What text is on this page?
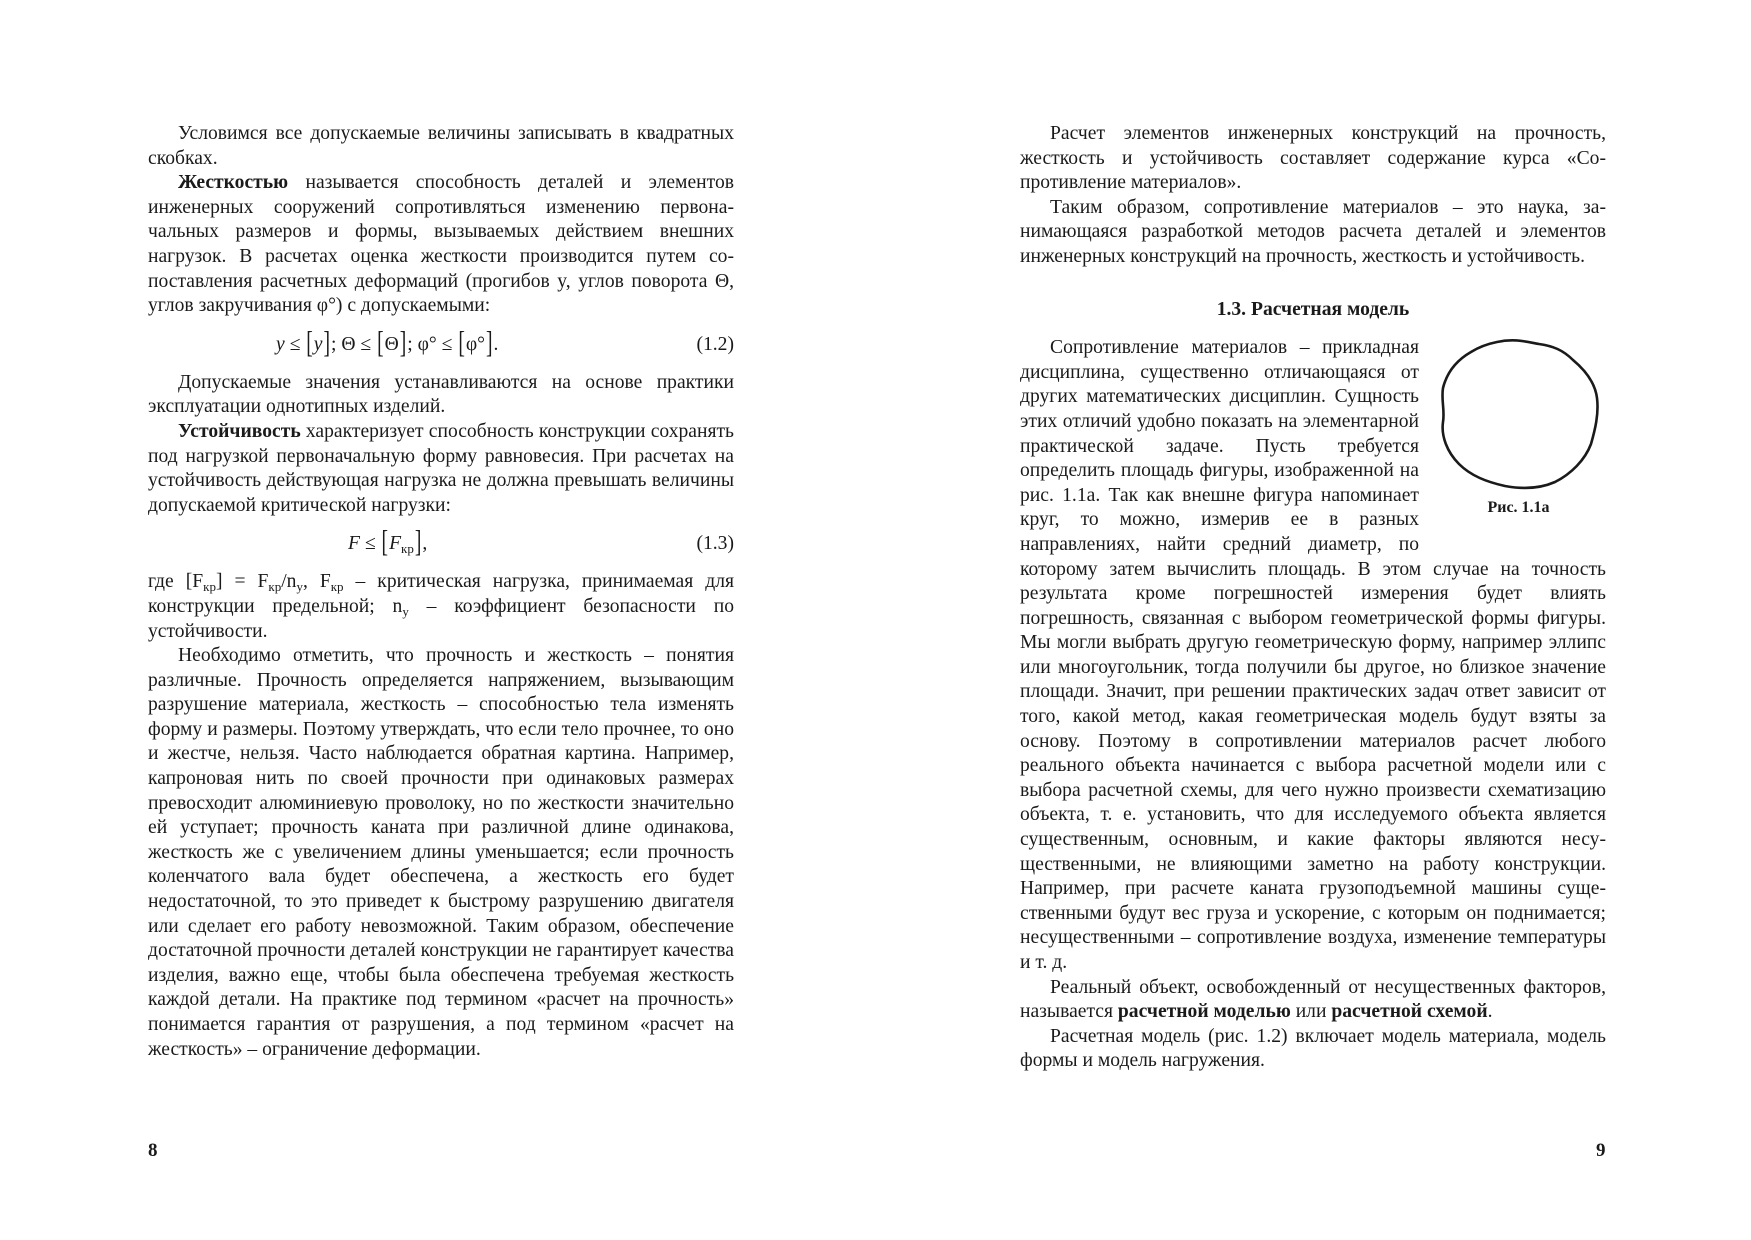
Условимся все допускаемые величины записывать в квадратных скобках.

Жесткостью называется способность деталей и элементов инженерных сооружений сопротивляться изменению первоначальных размеров и формы, вызываемых действием внешних нагрузок. В расчетах оценка жесткости производится путем сопоставления расчетных деформаций (прогибов y, углов поворота Θ, углов закручивания φ°) с допускаемыми:

y ≤ [y]; Θ ≤ [Θ]; φ° ≤ [φ°].	(1.2)

Допускаемые значения устанавливаются на основе практики эксплуатации однотипных изделий.

Устойчивость характеризует способность конструкции сохранять под нагрузкой первоначальную форму равновесия. При расчетах на устойчивость действующая нагрузка не должна превышать величины допускаемой критической нагрузки:

$F \le [F_{кр}]$,	(1.3)

где $[F_{кр}] = F_{кр}/n_у$, $F_{кр}$ – критическая нагрузка, принимаемая для конструкции предельной; $n_у$ – коэффициент безопасности по устойчивости.

Необходимо отметить, что прочность и жесткость – понятия различные. Прочность определяется напряжением, вызывающим разрушение материала, жесткость – способностью тела изменять форму и размеры. Поэтому утверждать, что если тело прочнее, то оно и жестче, нельзя. Часто наблюдается обратная картина. Например, капроновая нить по своей прочности при одинаковых размерах превосходит алюминиевую проволоку, но по жесткости значительно ей уступает; прочность каната при различной длине одинакова, жесткость же с увеличением длины уменьшается; если прочность коленчатого вала будет обеспечена, а жесткость его будет недостаточной, то это приведет к быстрому разрушению двигателя или сделает его работу невозможной. Таким образом, обеспечение достаточной прочности деталей конструкции не гарантирует качества изделия, важно еще, чтобы была обеспечена требуемая жесткость каждой детали. На практике под термином «расчет на прочность» понимается гарантия от разрушения, а под термином «расчет на жесткость» – ограничение деформации.

8

Расчет элементов инженерных конструкций на прочность, жесткость и устойчивость составляет содержание курса «Сопротивление материалов».

Таким образом, сопротивление материалов – это наука, занимающаяся разработкой методов расчета деталей и элементов инженерных конструкций на прочность, жесткость и устойчивость.

1.3. Расчетная модель
Рис. 1.1а

Сопротивление материалов – прикладная дисциплина, существенно отличающаяся от других математических дисциплин. Сущность этих отличий удобно показать на элементарной практической задаче. Пусть требуется определить площадь фигуры, изображенной на рис. 1.1а. Так как внешне фигура напоминает круг, то можно, измерив ее в разных направлениях, найти средний диаметр, по которому затем вычислить площадь. В этом случае на точность результата кроме погрешностей измерения будет влиять погрешность, связанная с выбором геометрической формы фигуры. Мы могли выбрать другую геометрическую форму, например эллипс или многоугольник, тогда получили бы другое, но близкое значение площади. Значит, при решении практических задач ответ зависит от того, какой метод, какая геометрическая модель будут взяты за основу. Поэтому в сопротивлении материалов расчет любого реального объекта начинается с выбора расчетной модели или с выбора расчетной схемы, для чего нужно произвести схематизацию объекта, т. е. установить, что для исследуемого объекта является существенным, основным, и какие факторы являются несущественными, не влияющими заметно на работу конструкции. Например, при расчете каната грузоподъемной машины существенными будут вес груза и ускорение, с которым он поднимается; несущественными – сопротивление воздуха, изменение температуры и т. д.

Реальный объект, освобожденный от несущественных факторов, называется расчетной моделью или расчетной схемой.

Расчетная модель (рис. 1.2) включает модель материала, модель формы и модель нагружения.

9
